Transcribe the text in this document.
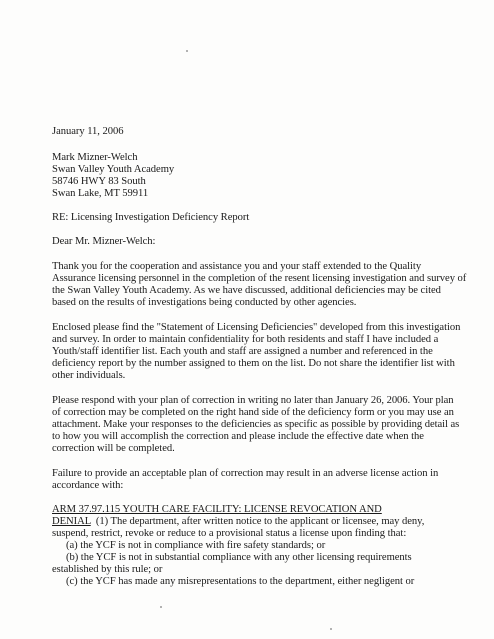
January 11, 2006
Mark Mizner-Welch
Swan Valley Youth Academy
58746 HWY 83 South
Swan Lake, MT 59911
RE: Licensing Investigation Deficiency Report
Dear Mr. Mizner-Welch:
Thank you for the cooperation and assistance you and your staff extended to the Quality
Assurance licensing personnel in the completion of the resent licensing investigation and survey of
the Swan Valley Youth Academy. As we have discussed, additional deficiencies may be cited
based on the results of investigations being conducted by other agencies.
Enclosed please find the "Statement of Licensing Deficiencies" developed from this investigation
and survey. In order to maintain confidentiality for both residents and staff I have included a
Youth/staff identifier list. Each youth and staff are assigned a number and referenced in the
deficiency report by the number assigned to them on the list. Do not share the identifier list with
other individuals.
Please respond with your plan of correction in writing no later than January 26, 2006. Your plan
of correction may be completed on the right hand side of the deficiency form or you may use an
attachment. Make your responses to the deficiencies as specific as possible by providing detail as
to how you will accomplish the correction and please include the effective date when the
correction will be completed.
Failure to provide an acceptable plan of correction may result in an adverse license action in
accordance with:
ARM 37.97.115 YOUTH CARE FACILITY: LICENSE REVOCATION AND
DENIAL  (1) The department, after written notice to the applicant or licensee, may deny,
suspend, restrict, revoke or reduce to a provisional status a license upon finding that:
(a) the YCF is not in compliance with fire safety standards; or
(b) the YCF is not in substantial compliance with any other licensing requirements
established by this rule; or
(c) the YCF has made any misrepresentations to the department, either negligent or
